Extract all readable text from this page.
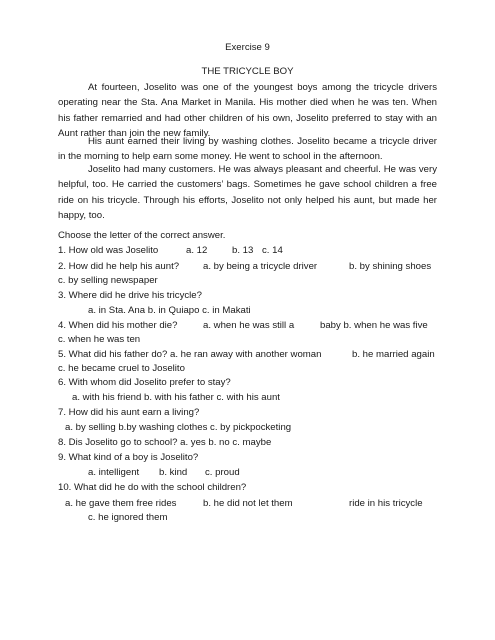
Exercise 9
THE TRICYCLE BOY

At fourteen, Joselito was one of the youngest boys among the tricycle drivers operating near the Sta. Ana Market in Manila. His mother died when he was ten. When his father remarried and had other children of his own, Joselito preferred to stay with an Aunt rather than join the new family.

His aunt earned their living by washing clothes. Joselito became a tricycle driver in the morning to help earn some money. He went to school in the afternoon.

Joselito had many customers. He was always pleasant and cheerful. He was very helpful, too. He carried the customers’ bags. Sometimes he gave school children a free ride on his tricycle. Through his efforts, Joselito not only helped his aunt, but made her happy, too.

Choose the letter of the correct answer.
1. How old was Joselito	a. 12	b. 13 c. 14
2. How did he help his aunt? a. by being a tricycle driver	b. by shining shoes
c. by selling newspaper
3. Where did he drive his tricycle?
a. in Sta. Ana b. in Quiapo c. in Makati
4. When did his mother die?	a. when he was still a	baby b. when he was five
c. when he was ten
5. What did his father do? a. he ran away with another woman	b. he married again
c. he became cruel to Joselito
6. With whom did Joselito prefer to stay?
a. with his friend b. with his father c. with his aunt
7. How did his aunt earn a living?
a. by selling b.by washing clothes c. by pickpocketing
8. Dis Joselito go to school? a. yes b. no c. maybe
9. What kind of a boy is Joselito?
a. intelligent b. kind c. proud
10. What did he do with the school children?
a. he gave them free rides	b. he did not let them	ride in his tricycle
c. he ignored them
